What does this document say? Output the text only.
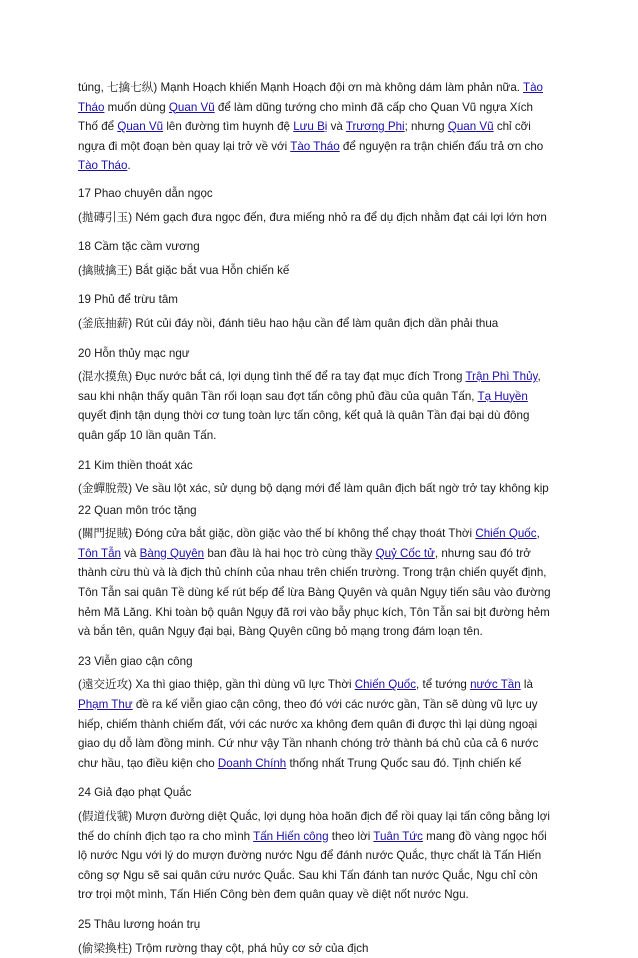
túng, 七擒七纵) Mạnh Hoạch khiến Mạnh Hoạch đội ơn mà không dám làm phản nữa. Tào Tháo muốn dùng Quan Vũ để làm dũng tướng cho mình đã cấp cho Quan Vũ ngựa Xích Thố để Quan Vũ lên đường tìm huynh đệ Lưu Bị và Trương Phi; nhưng Quan Vũ chỉ cỡi ngựa đi một đoạn bèn quay lại trở về với Tào Tháo để nguyện ra trận chiến đấu trả ơn cho Tào Tháo.

17 Phao chuyên dẫn ngọc

(拋磚引玉) Ném gạch đưa ngọc đến, đưa miếng nhỏ ra để dụ địch nhằm đạt cái lợi lớn hơn

18 Cầm tặc cầm vương

(擒賊擒王) Bắt giặc bắt vua Hỗn chiến kế

19 Phủ để trừu tâm

(釜底抽薪) Rút củi đáy nồi, đánh tiêu hao hậu cần để làm quân địch dần phải thua

20 Hỗn thủy mạc ngư

(混水摸魚) Đục nước bắt cá, lợi dụng tình thế để ra tay đạt mục đích Trong Trận Phì Thủy, sau khi nhận thấy quân Tần rối loạn sau đợt tấn công phủ đầu của quân Tấn, Tạ Huyền quyết định tận dụng thời cơ tung toàn lực tấn công, kết quả là quân Tần đại bại dù đông quân gấp 10 lần quân Tấn.

21 Kim thiền thoát xác

(金蟬脫殼) Ve sầu lột xác, sử dụng bộ dạng mới để làm quân địch bất ngờ trở tay không kịp

22 Quan môn tróc tặng

(關門捉賊) Đóng cửa bắt giặc, dồn giặc vào thế bí không thể chạy thoát Thời Chiến Quốc, Tôn Tẫn và Bàng Quyên ban đầu là hai học trò cùng thầy Quỷ Cốc tử, nhưng sau đó trở thành cừu thù và là địch thủ chính của nhau trên chiến trường. Trong trận chiến quyết định, Tôn Tẫn sai quân Tề dùng kế rút bếp để lừa Bàng Quyên và quân Ngụy tiến sâu vào đường hẻm Mã Lăng. Khi toàn bộ quân Ngụy đã rơi vào bẫy phục kích, Tôn Tẫn sai bịt đường hẻm và bắn tên, quân Ngụy đại bại, Bàng Quyên cũng bỏ mạng trong đám loạn tên.

23 Viễn giao cận công

(遠交近攻) Xa thì giao thiệp, gần thì dùng vũ lực Thời Chiến Quốc, tể tướng nước Tần là Phạm Thư đề ra kế viễn giao cận công, theo đó với các nước gần, Tần sẽ dùng vũ lực uy hiếp, chiếm thành chiếm đất, với các nước xa không đem quân đi được thì lại dùng ngoại giao dụ dỗ làm đồng minh. Cứ như vậy Tần nhanh chóng trở thành bá chủ của cả 6 nước chư hầu, tạo điều kiện cho Doanh Chính thống nhất Trung Quốc sau đó. Tịnh chiến kế

24 Giả đạo phạt Quắc

(假道伐虢) Mượn đường diệt Quắc, lợi dụng hòa hoãn địch để rồi quay lại tấn công bằng lợi thế do chính địch tạo ra cho mình Tấn Hiến công theo lời Tuân Tức mang đồ vàng ngọc hối lộ nước Ngu với lý do mượn đường nước Ngu để đánh nước Quắc, thực chất là Tấn Hiến công sợ Ngu sẽ sai quân cứu nước Quắc. Sau khi Tấn đánh tan nước Quắc, Ngu chỉ còn trơ trọi một mình, Tấn Hiến Công bèn đem quân quay về diệt nốt nước Ngu.

25 Thâu lương hoán trụ

(偷梁換柱) Trộm rường thay cột, phá hủy cơ sở của địch
